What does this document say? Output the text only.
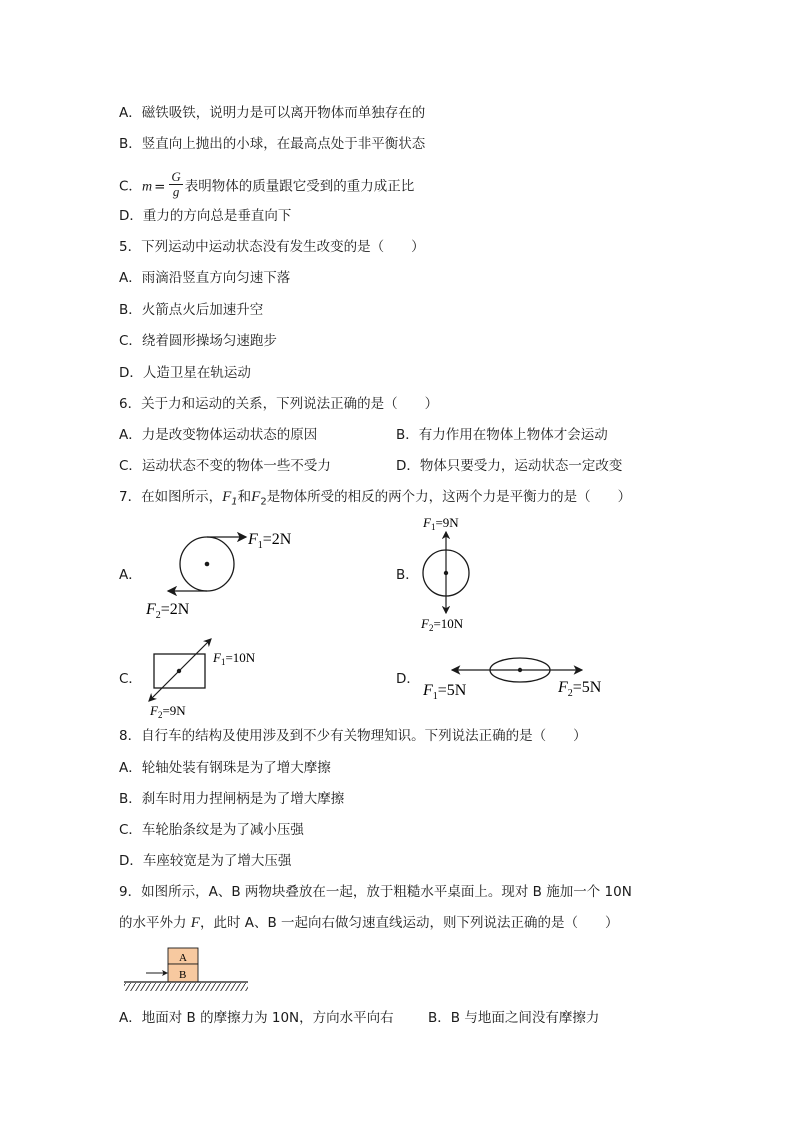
A．磁铁吸铁，说明力是可以离开物体而单独存在的
B．竖直向上抛出的小球，在最高点处于非平衡状态
C．$m = \frac{G}{g}$ 表明物体的质量跟它受到的重力成正比
D．重力的方向总是垂直向下
5．下列运动中运动状态没有发生改变的是（　　）
A．雨滴沿竖直方向匀速下落
B．火箭点火后加速升空
C．绕着圆形操场匀速跑步
D．人造卫星在轨运动
6．关于力和运动的关系，下列说法正确的是（　　）
A．力是改变物体运动状态的原因	B．有力作用在物体上物体才会运动
C．运动状态不变的物体一些不受力	D．物体只要受力，运动状态一定改变
7．在如图所示，$F_1$和$F_2$是物体所受的相反的两个力，这两个力是平衡力的是（　　）
A．	B．
C．	D．
$F_1=2N$
$F_2=2N$
$F_1=9N$
$F_2=10N$
$F_1=10N$
$F_2=9N$
$F_1=5N$	$F_2=5N$
8．自行车的结构及使用涉及到不少有关物理知识。下列说法正确的是（　　）
A．轮轴处装有钢珠是为了增大摩擦
B．刹车时用力捏闸柄是为了增大摩擦
C．车轮胎条纹是为了减小压强
D．车座较宽是为了增大压强
9．如图所示，A、B 两物块叠放在一起，放于粗糙水平桌面上。现对 B 施加一个 10N
的水平外力 F，此时 A、B 一起向右做匀速直线运动，则下列说法正确的是（　　）
A
B
A．地面对 B 的摩擦力为 10N，方向水平向右	B．B 与地面之间没有摩擦力
